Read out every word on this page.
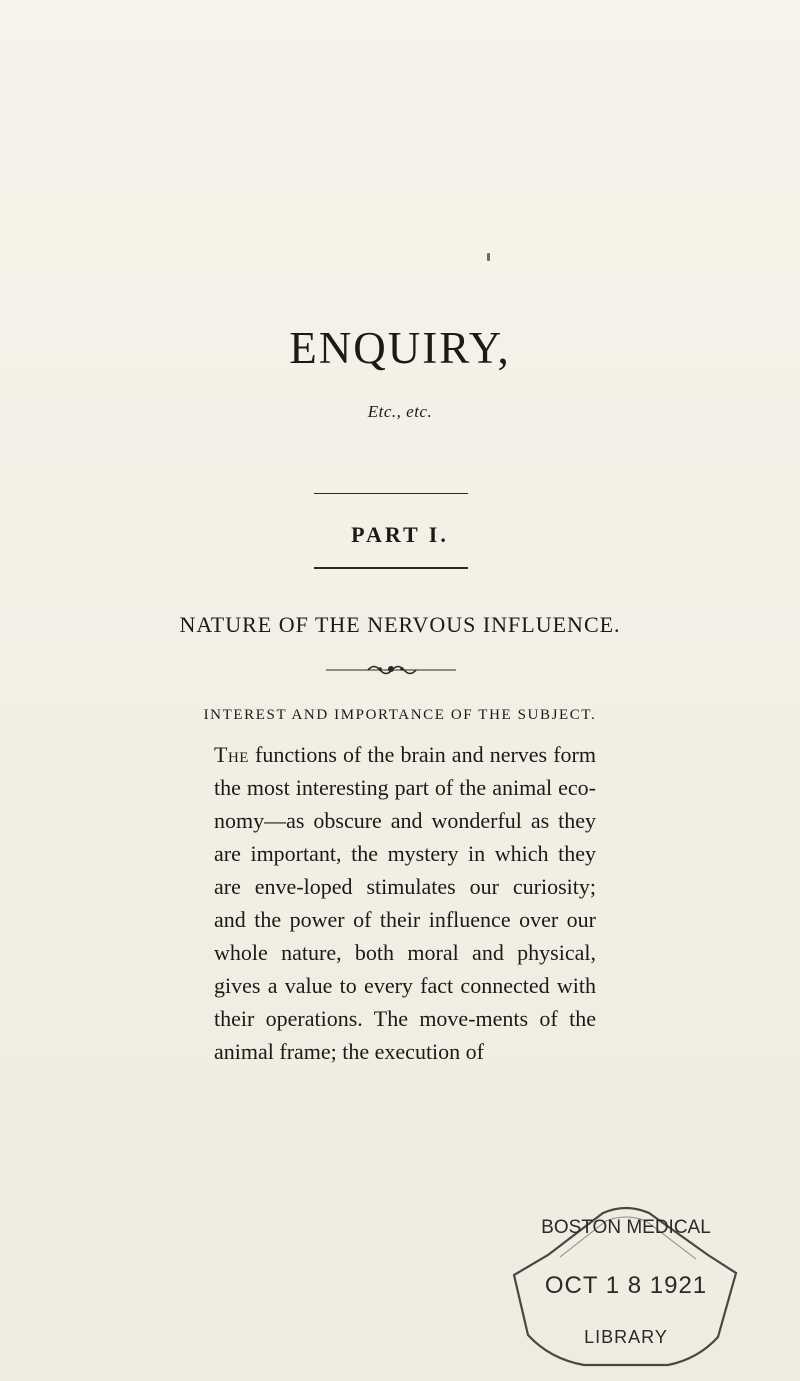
ENQUIRY,
Etc., etc.
PART I.
NATURE OF THE NERVOUS INFLUENCE.
INTEREST AND IMPORTANCE OF THE SUBJECT.
The functions of the brain and nerves form the most interesting part of the animal eco-nomy—as obscure and wonderful as they are important, the mystery in which they are enve-loped stimulates our curiosity; and the power of their influence over our whole nature, both moral and physical, gives a value to every fact connected with their operations. The move-ments of the animal frame; the execution of
BOSTON MEDICAL
OCT 1 8 1921
LIBRARY
